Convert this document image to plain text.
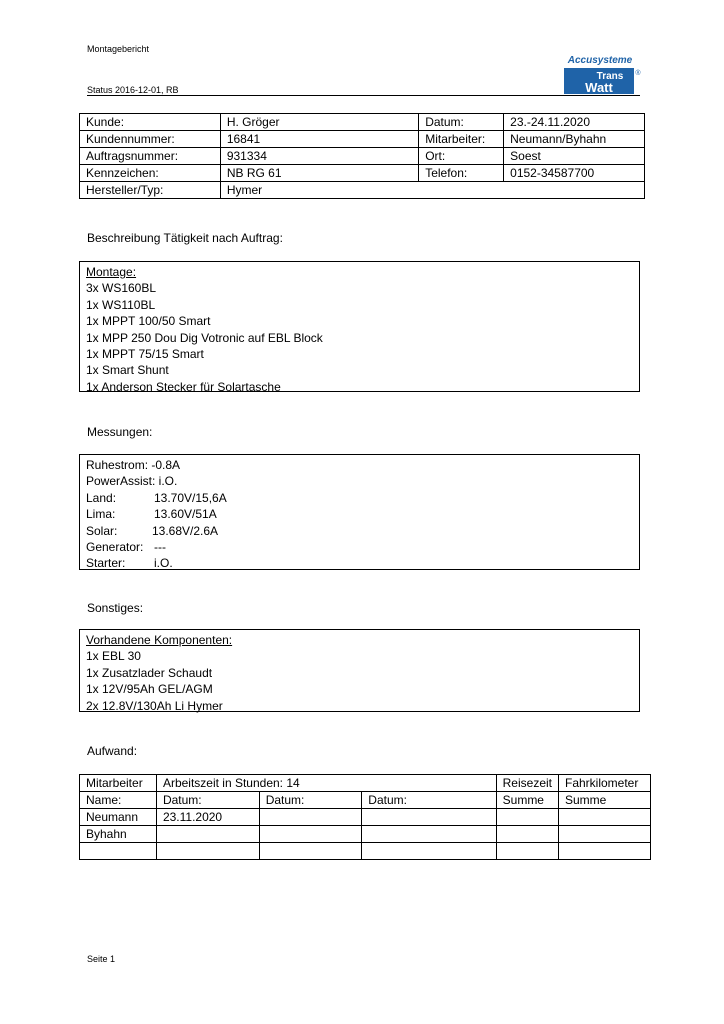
Montagebericht
Status 2016-12-01, RB
Accusysteme
Trans
Watt
®
Kunde:	H. Gröger	Datum:	23.-24.11.2020
Kundennummer:	16841	Mitarbeiter:	Neumann/Byhahn
Auftragsnummer:	931334	Ort:	Soest
Kennzeichen:	NB RG 61	Telefon:	0152-34587700
Hersteller/Typ:	Hymer		
Beschreibung Tätigkeit nach Auftrag:
Montage:
3x WS160BL
1x WS110BL
1x MPPT 100/50 Smart
1x MPP 250 Dou Dig Votronic auf EBL Block
1x MPPT 75/15 Smart
1x Smart Shunt
1x Anderson Stecker für Solartasche
Messungen:
Ruhestrom: -0.8A
PowerAssist: i.O.
Land:	13.70V/15,6A
Lima:	13.60V/51A
Solar:	13.68V/2.6A
Generator: ---
Starter: i.O.
Sonstiges:
Vorhandene Komponenten:
1x EBL 30
1x Zusatzlader Schaudt
1x 12V/95Ah GEL/AGM
2x 12.8V/130Ah Li Hymer
Aufwand:
Mitarbeiter	Arbeitszeit in Stunden: 14			Reisezeit	Fahrkilometer
Name:	Datum:	Datum:	Datum:	Summe	Summe
Neumann	23.11.2020				
Byhahn					

Seite 1
